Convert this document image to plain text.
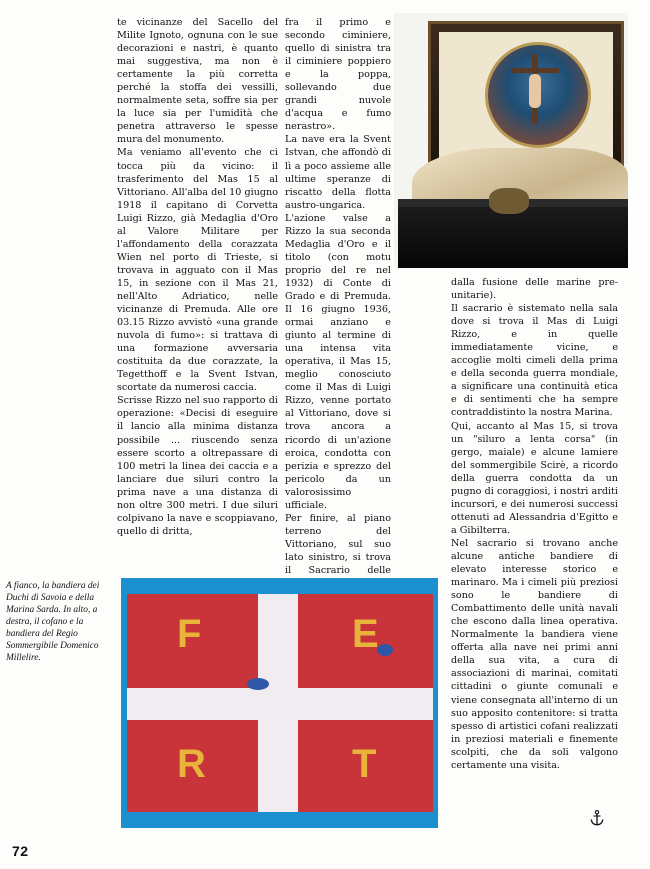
te vicinanze del Sacello del Milite Ignoto, ognuna con le sue decorazioni e nastri, è quanto mai suggestiva, ma non è certamente la più corretta perché la stoffa dei vessilli, normalmente seta, soffre sia per la luce sia per l'umidità che penetra attraverso le spesse mura del monumento.

Ma veniamo all'evento che ci tocca più da vicino: il trasferimento del Mas 15 al Vittoriano. All'alba del 10 giugno 1918 il capitano di Corvetta Luigi Rizzo, già Medaglia d'Oro al Valore Militare per l'affondamento della corazzata Wien nel porto di Trieste, si trovava in agguato con il Mas 15, in sezione con il Mas 21, nell'Alto Adriatico, nelle vicinanze di Premuda. Alle ore 03.15 Rizzo avvistò «una grande nuvola di fumo»: si trattava di una formazione avversaria costituita da due corazzate, la Tegetthoff e la Svent Istvan, scortate da numerosi caccia.

Scrisse Rizzo nel suo rapporto di operazione: «Decisi di eseguire il lancio alla minima distanza possibile ... riuscendo senza essere scorto a oltrepassare di 100 metri la linea dei caccia e a lanciare due siluri contro la prima nave a una distanza di non oltre 300 metri. I due siluri colpivano la nave e scoppiavano, quello di dritta,

fra il primo e secondo ciminiere, quello di sinistra tra il ciminiere poppiero e la poppa, sollevando due grandi nuvole d'acqua e fumo nerastro».

La nave era la Svent Istvan, che affondò di lì a poco assieme alle ultime speranze di riscatto della flotta austro-ungarica. L'azione valse a Rizzo la sua seconda Medaglia d'Oro e il titolo (con motu proprio del re nel 1932) di Conte di Grado e di Premuda. Il 16 giugno 1936, ormai anziano e giunto al termine di una intensa vita operativa, il Mas 15, meglio conosciuto come il Mas di Luigi Rizzo, venne portato al Vittoriano, dove si trova ancora a ricordo di un'azione eroica, condotta con perizia e sprezzo del pericolo da un valorosissimo ufficiale.

Per finire, al piano terreno del Vittoriano, sul suo lato sinistro, si trova il Sacrario delle

dalla fusione delle marine pre-unitarie).

Il sacrario è sistemato nella sala dove si trova il Mas di Luigi Rizzo, e in quelle immediatamente vicine, e accoglie molti cimeli della prima e della seconda guerra mondiale, a significare una continuità etica e di sentimenti che ha sempre contraddistinto la nostra Marina.

Qui, accanto al Mas 15, si trova un "siluro a lenta corsa" (in gergo, maiale) e alcune lamiere del sommergibile Scirè, a ricordo della guerra condotta da un pugno di coraggiosi, i nostri arditi incursori, e dei numerosi successi ottenuti ad Alessandria d'Egitto e a Gibilterra.

Nel sacrario si trovano anche alcune antiche bandiere di elevato interesse storico e marinaro. Ma i cimeli più preziosi sono le bandiere di Combattimento delle unità navali che escono dalla linea operativa. Normalmente la bandiera viene offerta alla nave nei primi anni della sua vita, a cura di associazioni di marinai, comitati cittadini o giunte comunali e viene consegnata all'interno di un suo apposito contenitore: si tratta spesso di artistici cofani realizzati in preziosi materiali e finemente scolpiti, che da soli valgono certamente una visita.

A fianco, la bandiera dei Duchi di Savoia e della Marina Sarda. In alto, a destra, il cofano e la bandiera del Regio Sommergibile Domenico Millelire.
F	E
R	T
72
